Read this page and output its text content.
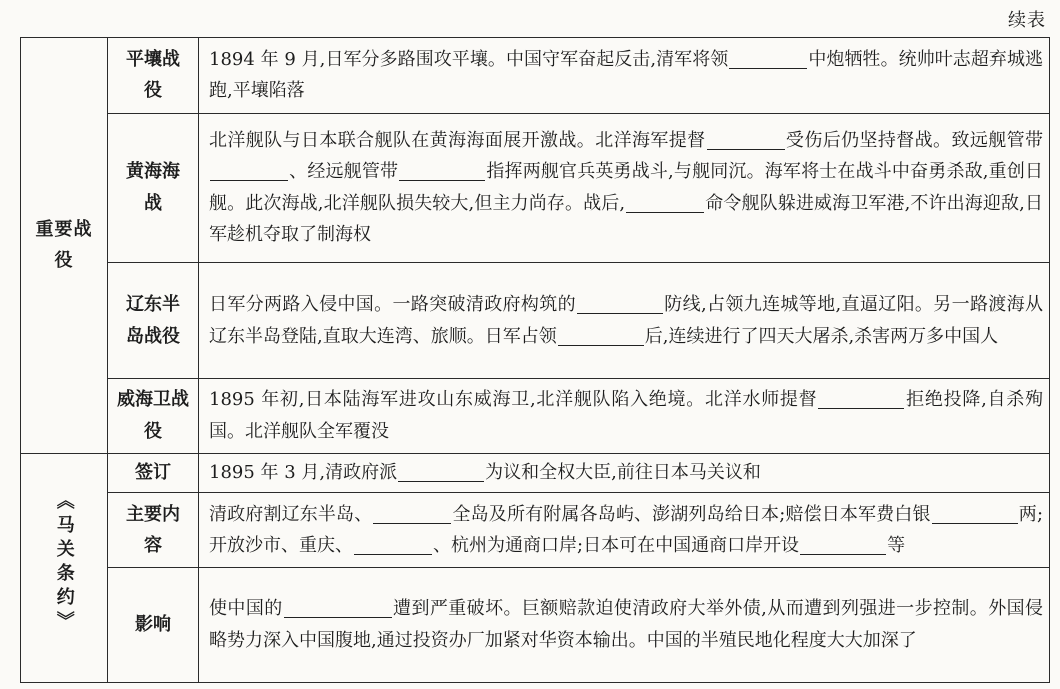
续表
重要战役	平壤战役	1894 年 9 月,日军分多路围攻平壤。中国守军奋起反击,清军将领 中炮牺牲。统帅叶志超弃城逃跑,平壤陷落
	黄海海战	北洋舰队与日本联合舰队在黄海海面展开激战。北洋海军提督 受伤后仍坚持督战。致远舰管带、经远舰管带 指挥两舰官兵英勇战斗,与舰同沉。海军将士在战斗中奋勇杀敌,重创日舰。此次海战,北洋舰队损失较大,但主力尚存。战后, 命令舰队躲进威海卫军港,不许出海迎敌,日军趁机夺取了制海权
	辽东半岛战役	日军分两路入侵中国。一路突破清政府构筑的 防线,占领九连城等地,直逼辽阳。另一路渡海从辽东半岛登陆,直取大连湾、旅顺。日军占领 后,连续进行了四天大屠杀,杀害两万多中国人
	威海卫战役	1895 年初,日本陆海军进攻山东威海卫,北洋舰队陷入绝境。北洋水师提督 拒绝投降,自杀殉国。北洋舰队全军覆没
《马关条约》	签订	1895 年 3 月,清政府派 为议和全权大臣,前往日本马关议和
	主要内容	清政府割辽东半岛、 全岛及所有附属各岛屿、澎湖列岛给日本;赔偿日本军费白银 两;开放沙市、重庆、 、杭州为通商口岸;日本可在中国通商口岸开设 等
	影响	使中国的 遭到严重破坏。巨额赔款迫使清政府大举外债,从而遭到列强进一步控制。外国侵略势力深入中国腹地,通过投资办厂加紧对华资本输出。中国的半殖民地化程度大大加深了
